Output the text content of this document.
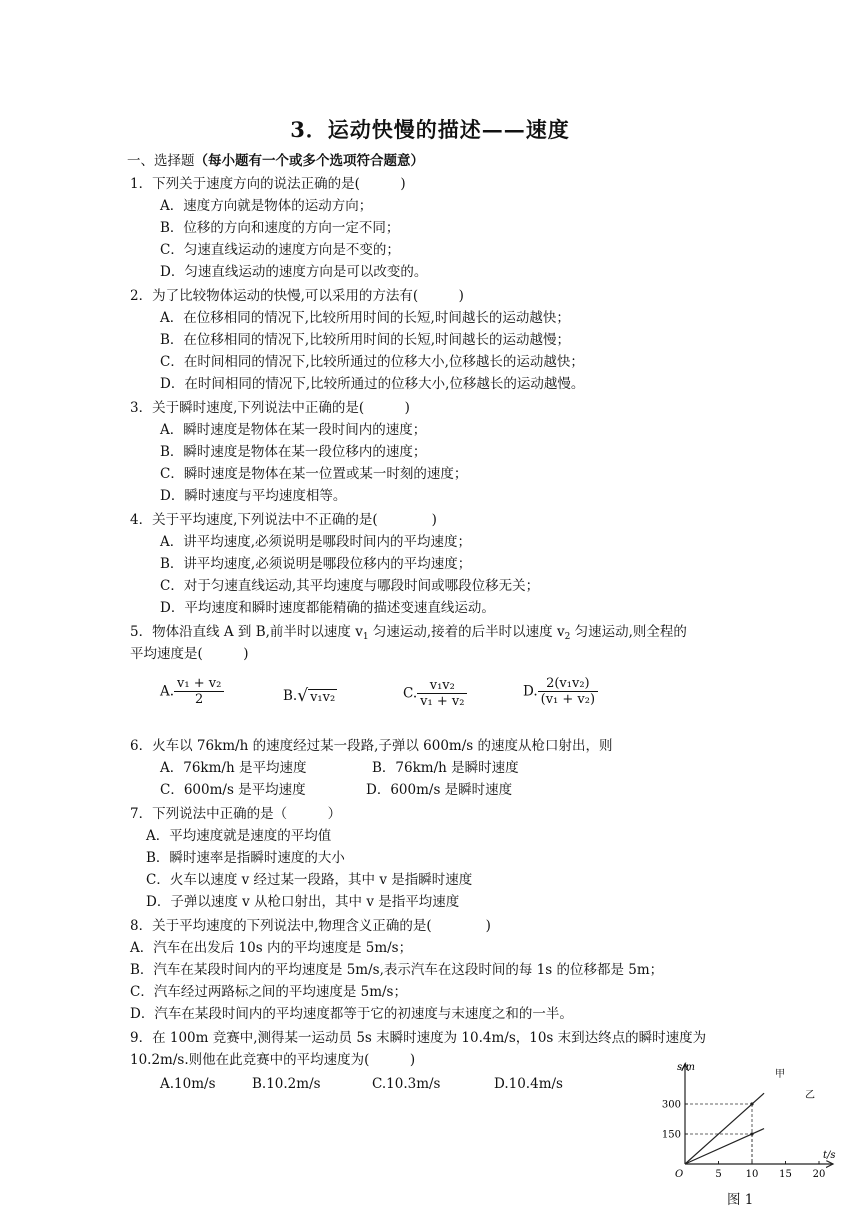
3．运动快慢的描述——速度
一、选择题（每小题有一个或多个选项符合题意）
1．下列关于速度方向的说法正确的是(　　　)
A．速度方向就是物体的运动方向；
B．位移的方向和速度的方向一定不同；
C．匀速直线运动的速度方向是不变的；
D．匀速直线运动的速度方向是可以改变的。
2．为了比较物体运动的快慢,可以采用的方法有(　　　)
A．在位移相同的情况下,比较所用时间的长短,时间越长的运动越快；
B．在位移相同的情况下,比较所用时间的长短,时间越长的运动越慢；
C．在时间相同的情况下,比较所通过的位移大小,位移越长的运动越快；
D．在时间相同的情况下,比较所通过的位移大小,位移越长的运动越慢。
3．关于瞬时速度,下列说法中正确的是(　　　)
A．瞬时速度是物体在某一段时间内的速度；
B．瞬时速度是物体在某一段位移内的速度；
C．瞬时速度是物体在某一位置或某一时刻的速度；
D．瞬时速度与平均速度相等。
4．关于平均速度,下列说法中不正确的是(　　　　)
A．讲平均速度,必须说明是哪段时间内的平均速度；
B．讲平均速度,必须说明是哪段位移内的平均速度；
C．对于匀速直线运动,其平均速度与哪段时间或哪段位移无关；
D．平均速度和瞬时速度都能精确的描述变速直线运动。
5．物体沿直线 A 到 B,前半时以速度 $v_1$ 匀速运动,接着的后半时以速度 $v_2$ 匀速运动,则全程的
平均速度是(　　　)
A. $\frac{\text{v₁ + v₂}}{2}$	B.√ v₁v₂	C. $\frac{\text{v₁v₂}}{\text{v₁ + v₂}}$	D. $\frac{\text{2(v₁v₂)}}{\text{(v₁ + v₂)}}$
6．火车以 76km/h 的速度经过某一段路,子弹以 600m/s 的速度从枪口射出，则
A．76km/h 是平均速度	B．76km/h 是瞬时速度
C．600m/s 是平均速度	D．600m/s 是瞬时速度
7．下列说法中正确的是（　　　）
A．平均速度就是速度的平均值
B．瞬时速率是指瞬时速度的大小
C．火车以速度 v 经过某一段路，其中 v 是指瞬时速度
D．子弹以速度 v 从枪口射出，其中 v 是指平均速度
8．关于平均速度的下列说法中,物理含义正确的是(　　　　)
A．汽车在出发后 10s 内的平均速度是 5m/s；
B．汽车在某段时间内的平均速度是 5m/s,表示汽车在这段时间的每 1s 的位移都是 5m；
C．汽车经过两路标之间的平均速度是 5m/s；
D．汽车在某段时间内的平均速度都等于它的初速度与末速度之和的一半。
9．在 100m 竞赛中,测得某一运动员 5s 末瞬时速度为 10.4m/s，10s 末到达终点的瞬时速度为
10.2m/s.则他在此竞赛中的平均速度为(　　　)
A.10m/s	B.10.2m/s	C.10.3m/s	D.10.4m/s
5 10 15 20
150
300
s/m
t/s
O
甲
乙
图 1
